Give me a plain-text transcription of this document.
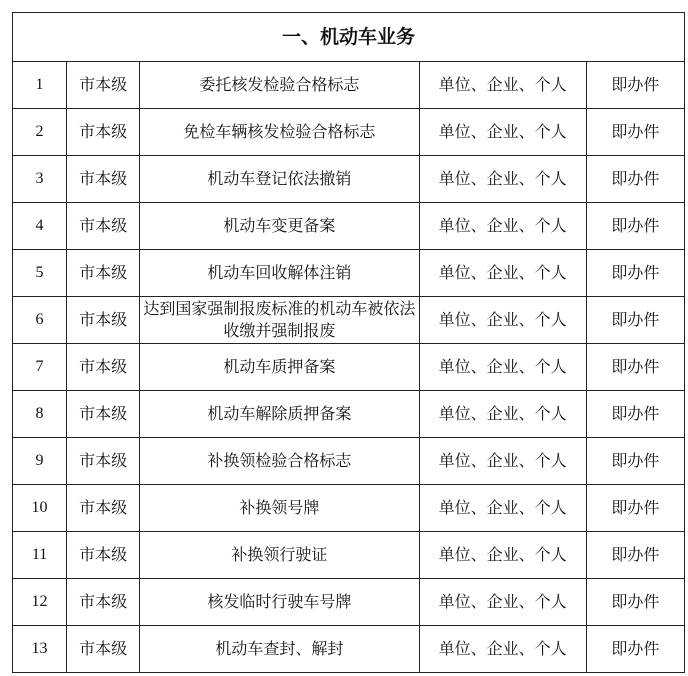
一、机动车业务				
1	市本级	委托核发检验合格标志	单位、企业、个人	即办件
2	市本级	免检车辆核发检验合格标志	单位、企业、个人	即办件
3	市本级	机动车登记依法撤销	单位、企业、个人	即办件
4	市本级	机动车变更备案	单位、企业、个人	即办件
5	市本级	机动车回收解体注销	单位、企业、个人	即办件
6	市本级	达到国家强制报废标准的机动车被依法收缴并强制报废	单位、企业、个人	即办件
7	市本级	机动车质押备案	单位、企业、个人	即办件
8	市本级	机动车解除质押备案	单位、企业、个人	即办件
9	市本级	补换领检验合格标志	单位、企业、个人	即办件
10	市本级	补换领号牌	单位、企业、个人	即办件
11	市本级	补换领行驶证	单位、企业、个人	即办件
12	市本级	核发临时行驶车号牌	单位、企业、个人	即办件
13	市本级	机动车查封、解封	单位、企业、个人	即办件
